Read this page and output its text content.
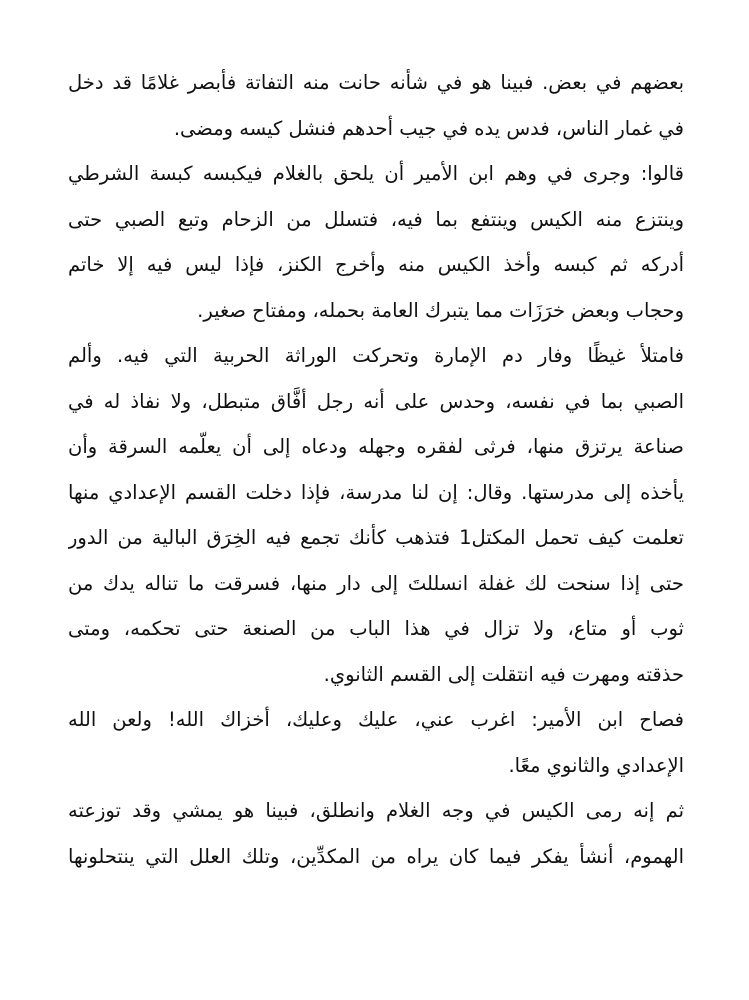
بعضهم في بعض. فبينا هو في شأنه حانت منه التفاتة فأبصر غلامًا قد دخل
في غمار الناس، فدس يده في جيب أحدهم فنشل كيسه ومضى.
قالوا: وجرى في وهم ابن الأمير أن يلحق بالغلام فيكبسه كبسة الشرطي
وينتزع منه الكيس وينتفع بما فيه، فتسلل من الزحام وتبع الصبي حتى
أدركه ثم كبسه وأخذ الكيس منه وأخرج الكنز، فإذا ليس فيه إلا خاتم
وحجاب وبعض خرَزَات مما يتبرك العامة بحمله، ومفتاح صغير.
فامتلأ غيظًا وفار دم الإمارة وتحركت الوراثة الحربية التي فيه. وألم
الصبي بما في نفسه، وحدس على أنه رجل أفَّاق متبطل، ولا نفاذ له في
صناعة يرتزق منها، فرثى لفقره وجهله ودعاه إلى أن يعلّمه السرقة وأن
يأخذه إلى مدرستها. وقال: إن لنا مدرسة، فإذا دخلت القسم الإعدادي منها
تعلمت كيف تحمل المكتل1 فتذهب كأنك تجمع فيه الخِرَق البالية من الدور
حتى إذا سنحت لك غفلة انسللتَ إلى دار منها، فسرقت ما تناله يدك من
ثوب أو متاع، ولا تزال في هذا الباب من الصنعة حتى تحكمه، ومتى
حذقته ومهرت فيه انتقلت إلى القسم الثانوي.
فصاح ابن الأمير: اغرب عني، عليك وعليك، أخزاك الله! ولعن الله
الإعدادي والثانوي معًا.
ثم إنه رمى الكيس في وجه الغلام وانطلق، فبينا هو يمشي وقد توزعته
الهموم، أنشأ يفكر فيما كان يراه من المكدِّين، وتلك العلل التي ينتحلونها
